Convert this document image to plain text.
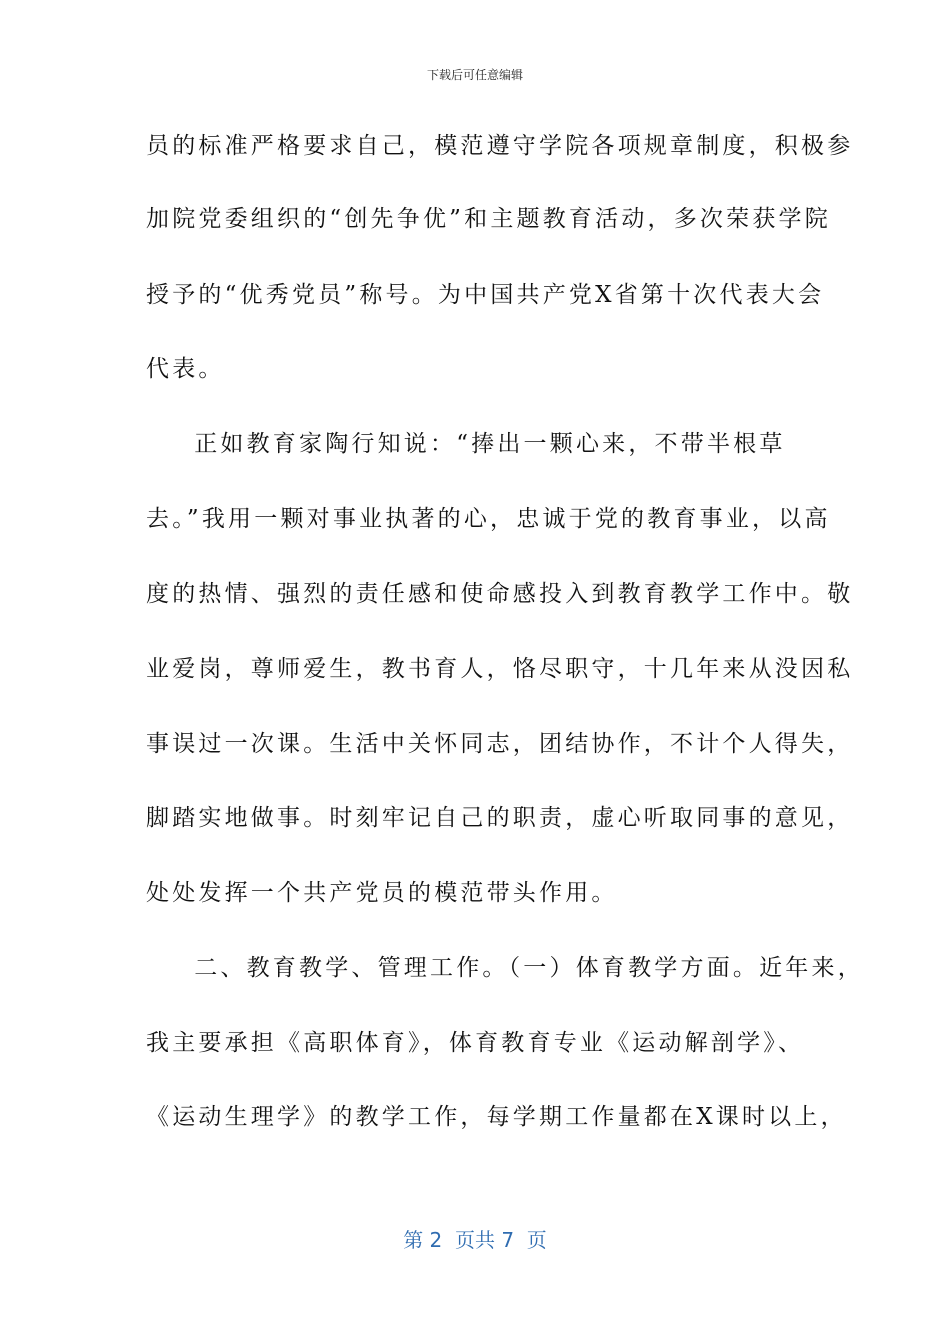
下载后可任意编辑
员的标准严格要求自己，模范遵守学院各项规章制度，积极参
加院党委组织的“创先争优”和主题教育活动，多次荣获学院
授予的“优秀党员”称号。为中国共产党X省第十次代表大会
代表。
　正如教育家陶行知说：“捧出一颗心来，不带半根草
去。”我用一颗对事业执著的心，忠诚于党的教育事业，以高
度的热情、强烈的责任感和使命感投入到教育教学工作中。敬
业爱岗，尊师爱生，教书育人，恪尽职守，十几年来从没因私
事误过一次课。生活中关怀同志，团结协作，不计个人得失，
脚踏实地做事。时刻牢记自己的职责，虚心听取同事的意见，
处处发挥一个共产党员的模范带头作用。
　二、教育教学、管理工作。（一）体育教学方面。近年来，
我主要承担《高职体育》，体育教育专业《运动解剖学》、
《运动生理学》的教学工作，每学期工作量都在X课时以上，
第 2  页共 7  页
